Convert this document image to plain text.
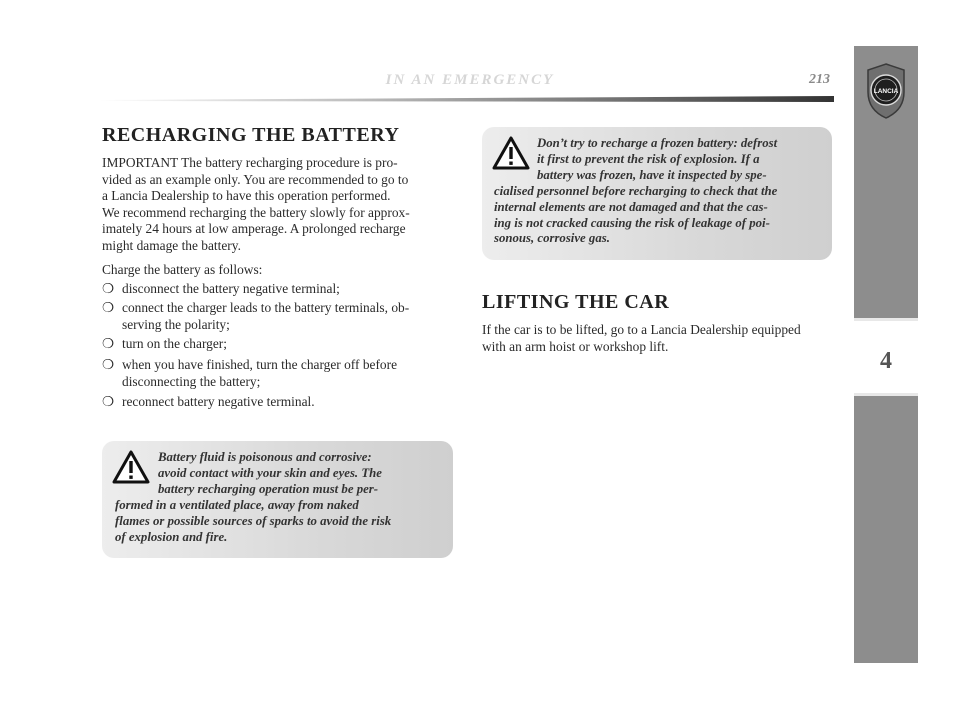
IN AN EMERGENCY	213
4
LANCIA
RECHARGING THE BATTERY
IMPORTANT The battery recharging procedure is pro-
vided as an example only. You are recommended to go to
a Lancia Dealership to have this operation performed.
We recommend recharging the battery slowly for approx-
imately 24 hours at low amperage. A prolonged recharge
might damage the battery.
Charge the battery as follows:
❍ disconnect the battery negative terminal;
❍ connect the charger leads to the battery terminals, ob-
serving the polarity;
❍ turn on the charger;
❍ when you have finished, turn the charger off before
disconnecting the battery;
❍ reconnect battery negative terminal.
Battery fluid is poisonous and corrosive:
avoid contact with your skin and eyes. The
battery recharging operation must be per-
formed in a ventilated place, away from naked
flames or possible sources of sparks to avoid the risk
of explosion and fire.
Don’t try to recharge a frozen battery: defrost
it first to prevent the risk of explosion. If a
battery was frozen, have it inspected by spe-
cialised personnel before recharging to check that the
internal elements are not damaged and that the cas-
ing is not cracked causing the risk of leakage of poi-
sonous, corrosive gas.
LIFTING THE CAR
If the car is to be lifted, go to a Lancia Dealership equipped
with an arm hoist or workshop lift.
